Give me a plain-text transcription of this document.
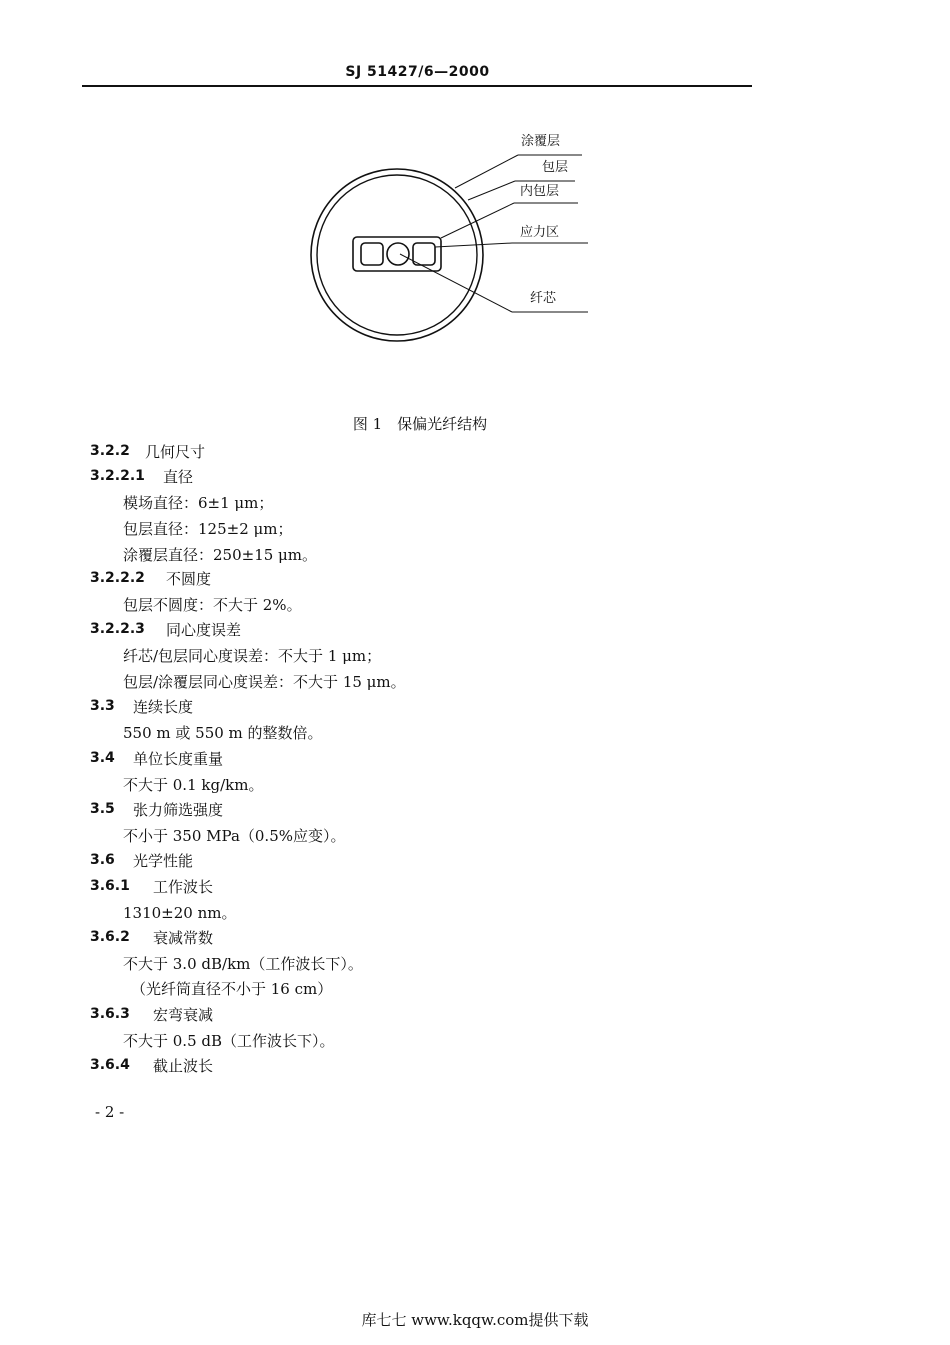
SJ 51427/6—2000
涂覆层
包层
内包层
应力区
纤芯
图 1　保偏光纤结构
3.2.2 几何尺寸
3.2.2.1 直径
模场直径：6±1 μm；
包层直径：125±2 μm；
涂覆层直径：250±15 μm。
3.2.2.2 不圆度
包层不圆度：不大于 2%。
3.2.2.3 同心度误差
纤芯/包层同心度误差：不大于 1 μm；
包层/涂覆层同心度误差：不大于 15 μm。
3.3 连续长度
550 m 或 550 m 的整数倍。
3.4 单位长度重量
不大于 0.1 kg/km。
3.5 张力筛选强度
不小于 350 MPa（0.5%应变）。
3.6 光学性能
3.6.1 工作波长
1310±20 nm。
3.6.2 衰减常数
不大于 3.0 dB/km（工作波长下）。
（光纤筒直径不小于 16 cm）
3.6.3 宏弯衰减
不大于 0.5 dB（工作波长下）。
3.6.4 截止波长
- 2 -
库七七 www.kqqw.com提供下载
